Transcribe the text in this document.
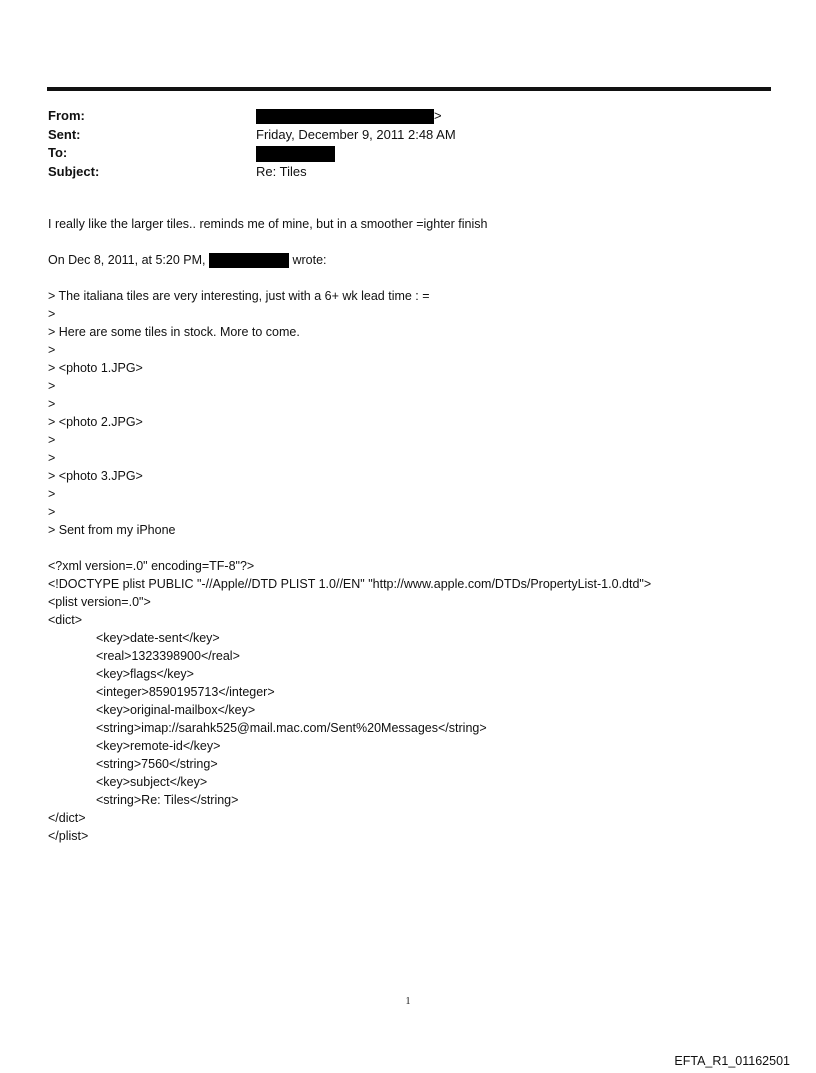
From:	>
Sent:	Friday, December 9, 2011 2:48 AM
To:
Subject:	Re: Tiles
I really like the larger tiles.. reminds me of mine, but in a smoother =ighter finish
On Dec 8, 2011, at 5:20 PM,	wrote:
> The italiana tiles are very interesting, just with a 6+ wk lead time : =
>
> Here are some tiles in stock. More to come.
>
> <photo 1.JPG>
>
>
> <photo 2.JPG>
>
>
> <photo 3.JPG>
>
>
> Sent from my iPhone
<?xml version=.0" encoding=TF-8"?>
<!DOCTYPE plist PUBLIC "-//Apple//DTD PLIST 1.0//EN" "http://www.apple.com/DTDs/PropertyList-1.0.dtd">
<plist version=.0">
<dict>
<key>date-sent</key>
<real>1323398900</real>
<key>flags</key>
<integer>8590195713</integer>
<key>original-mailbox</key>
<string>imap://sarahk525@mail.mac.com/Sent%20Messages</string>
<key>remote-id</key>
<string>7560</string>
<key>subject</key>
<string>Re: Tiles</string>
</dict>
</plist>
1
EFTA_R1_01162501
